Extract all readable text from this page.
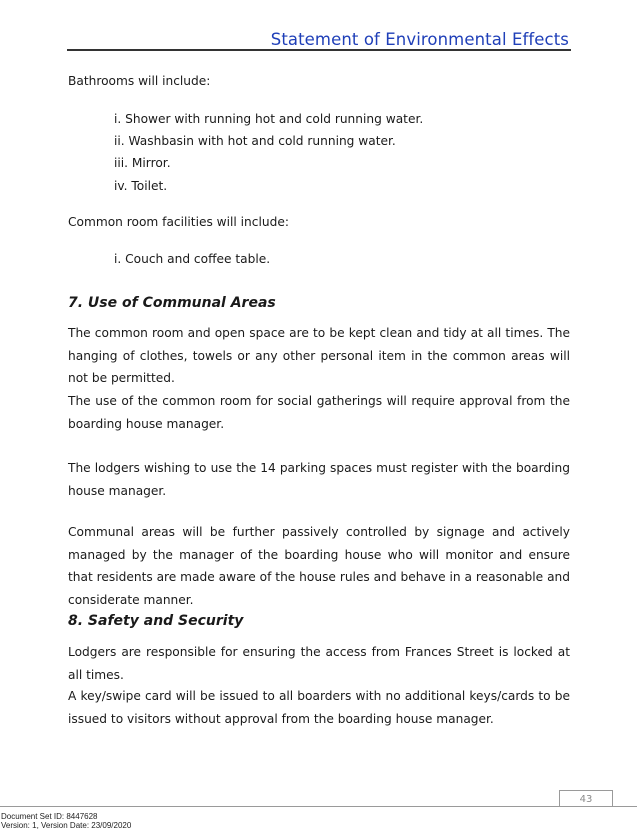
Statement of Environmental Effects

Bathrooms will include:

i. Shower with running hot and cold running water.

ii. Washbasin with hot and cold running water.

iii. Mirror.

iv. Toilet.

Common room facilities will include:

i. Couch and coffee table.

7. Use of Communal Areas

The common room and open space are to be kept clean and tidy at all times. The hanging of clothes, towels or any other personal item in the common areas will not be permitted.

The use of the common room for social gatherings will require approval from the boarding house manager.

The lodgers wishing to use the 14 parking spaces must register with the boarding house manager.

Communal areas will be further passively controlled by signage and actively managed by the manager of the boarding house who will monitor and ensure that residents are made aware of the house rules and behave in a reasonable and considerate manner.

8. Safety and Security

Lodgers are responsible for ensuring the access from Frances Street is locked at all times.

A key/swipe card will be issued to all boarders with no additional keys/cards to be issued to visitors without approval from the boarding house manager.

43
Document Set ID: 8447628
Version: 1, Version Date: 23/09/2020
